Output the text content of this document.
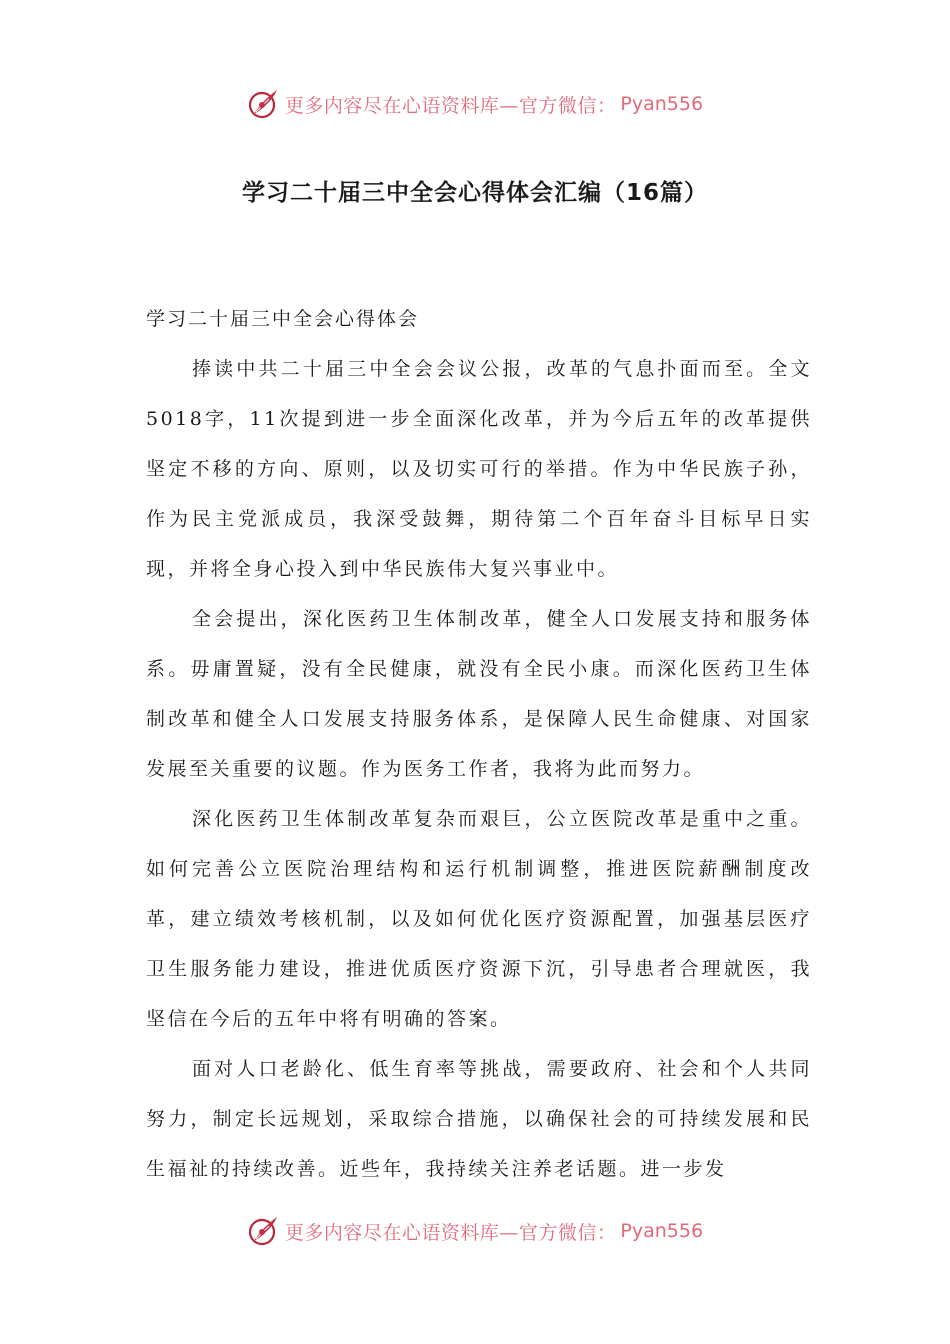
更多内容尽在心语资料库—官方微信： Pyan556
学习二十届三中全会心得体会汇编（16篇）
学习二十届三中全会心得体会

捧读中共二十届三中全会会议公报，改革的气息扑面而至。全文5018字，11次提到进一步全面深化改革，并为今后五年的改革提供坚定不移的方向、原则，以及切实可行的举措。作为中华民族子孙，作为民主党派成员，我深受鼓舞，期待第二个百年奋斗目标早日实现，并将全身心投入到中华民族伟大复兴事业中。

全会提出，深化医药卫生体制改革，健全人口发展支持和服务体系。毋庸置疑，没有全民健康，就没有全民小康。而深化医药卫生体制改革和健全人口发展支持服务体系，是保障人民生命健康、对国家发展至关重要的议题。作为医务工作者，我将为此而努力。

深化医药卫生体制改革复杂而艰巨，公立医院改革是重中之重。如何完善公立医院治理结构和运行机制调整，推进医院薪酬制度改革，建立绩效考核机制，以及如何优化医疗资源配置，加强基层医疗卫生服务能力建设，推进优质医疗资源下沉，引导患者合理就医，我坚信在今后的五年中将有明确的答案。

面对人口老龄化、低生育率等挑战，需要政府、社会和个人共同努力，制定长远规划，采取综合措施，以确保社会的可持续发展和民生福祉的持续改善。近些年，我持续关注养老话题。进一步发

更多内容尽在心语资料库—官方微信： Pyan556
